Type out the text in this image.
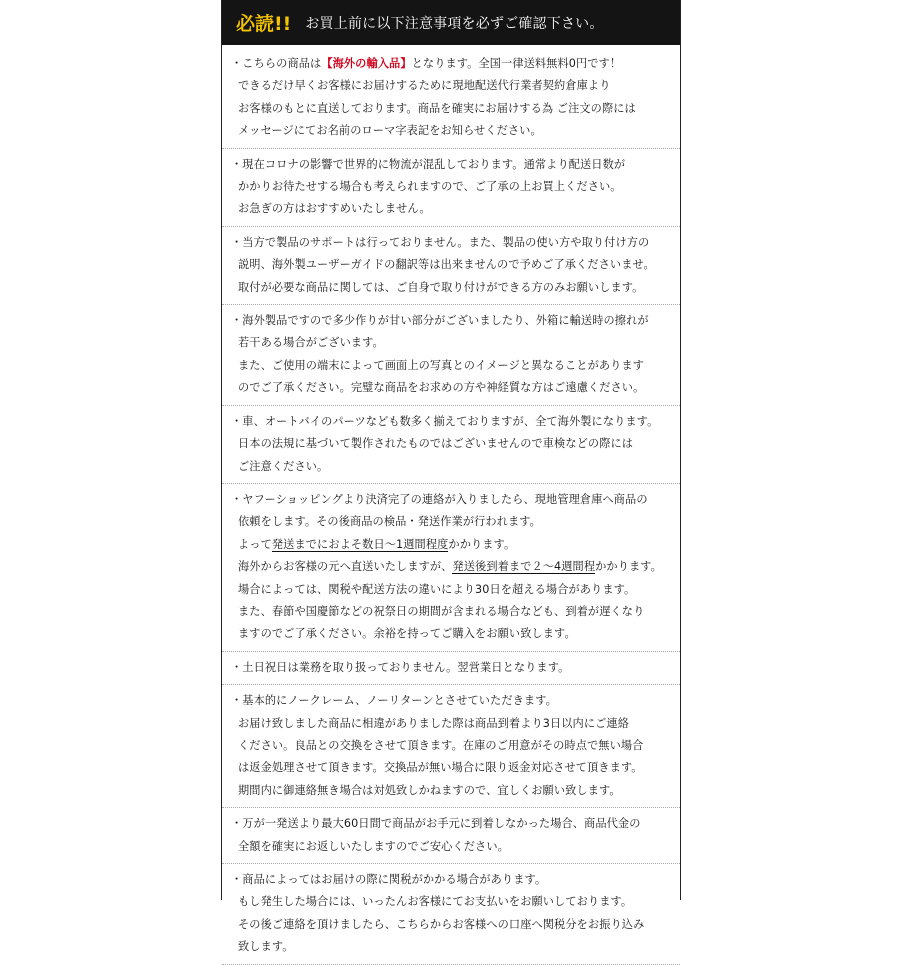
必読!! お買上前に以下注意事項を必ずご確認下さい。
・こちらの商品は【海外の輸入品】となります。全国一律送料無料0円です！
できるだけ早くお客様にお届けするために現地配送代行業者契約倉庫より
お客様のもとに直送しております。商品を確実にお届けする為 ご注文の際には
メッセージにてお名前のローマ字表記をお知らせください。
・現在コロナの影響で世界的に物流が混乱しております。通常より配送日数が
かかりお待たせする場合も考えられますので、ご了承の上お買上ください。
お急ぎの方はおすすめいたしません。
・当方で製品のサポートは行っておりません。また、製品の使い方や取り付け方の
説明、海外製ユーザーガイドの翻訳等は出来ませんので予めご了承くださいませ。
取付が必要な商品に関しては、ご自身で取り付けができる方のみお願いします。
・海外製品ですので多少作りが甘い部分がございましたり、外箱に輸送時の擦れが
若干ある場合がございます。
また、ご使用の端末によって画面上の写真とのイメージと異なることがあります
のでご了承ください。完璧な商品をお求めの方や神経質な方はご遠慮ください。
・車、オートバイのパーツなども数多く揃えておりますが、全て海外製になります。
日本の法規に基づいて製作されたものではございませんので車検などの際には
ご注意ください。
・ヤフーショッピングより決済完了の連絡が入りましたら、現地管理倉庫へ商品の
依頼をします。その後商品の検品・発送作業が行われます。
よって発送までにおよそ数日〜1週間程度かかります。
海外からお客様の元へ直送いたしますが、発送後到着まで２〜4週間程かかります。
場合によっては、関税や配送方法の違いにより30日を超える場合があります。
また、春節や国慶節などの祝祭日の期間が含まれる場合なども、到着が遅くなり
ますのでご了承ください。余裕を持ってご購入をお願い致します。
・土日祝日は業務を取り扱っておりません。翌営業日となります。
・基本的にノークレーム、ノーリターンとさせていただきます。
お届け致しました商品に相違がありました際は商品到着より3日以内にご連絡
ください。良品との交換をさせて頂きます。在庫のご用意がその時点で無い場合
は返金処理させて頂きます。交換品が無い場合に限り返金対応させて頂きます。
期間内に御連絡無き場合は対処致しかねますので、宜しくお願い致します。
・万が一発送より最大60日間で商品がお手元に到着しなかった場合、商品代金の
全額を確実にお返しいたしますのでご安心ください。
・商品によってはお届けの際に関税がかかる場合があります。
もし発生した場合には、いったんお客様にてお支払いをお願いしております。
その後ご連絡を頂けましたら、こちらからお客様への口座へ関税分をお振り込み
致します。
